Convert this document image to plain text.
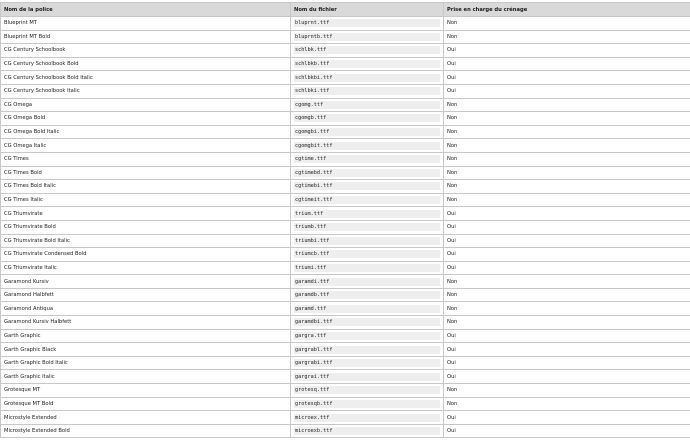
Nom de la police	Nom du fichier	Prise en charge du crénage
Blueprint MT	bluprnt.ttf	Non
Blueprint MT Bold	bluprntb.ttf	Non
CG Century Schoolbook	schlbk.ttf	Oui
CG Century Schoolbook Bold	schlbkb.ttf	Oui
CG Century Schoolbook Bold Italic	schlbkbi.ttf	Oui
CG Century Schoolbook Italic	schlbki.ttf	Oui
CG Omega	cgomg.ttf	Non
CG Omega Bold	cgomgb.ttf	Non
CG Omega Bold Italic	cgomgbi.ttf	Non
CG Omega Italic	cgomgbit.ttf	Non
CG Times	cgtime.ttf	Non
CG Times Bold	cgtimebd.ttf	Non
CG Times Bold Italic	cgtimebi.ttf	Non
CG Times Italic	cgtimeit.ttf	Non
CG Triumvirate	trium.ttf	Oui
CG Triumvirate Bold	triumb.ttf	Oui
CG Triumvirate Bold Italic	triumbi.ttf	Oui
CG Triumvirate Condensed Bold	triumcb.ttf	Oui
CG Triumvirate Italic	triumi.ttf	Oui
Garamond Kursiv	garamdi.ttf	Non
Garamond Halbfett	garamdb.ttf	Non
Garamond Antiqua	garamd.ttf	Non
Garamond Kursiv Halbfett	garamdbi.ttf	Non
Garth Graphic	gargra.ttf	Oui
Garth Graphic Black	gargrabl.ttf	Oui
Garth Graphic Bold Italic	gargrabi.ttf	Oui
Garth Graphic Italic	gargrai.ttf	Oui
Grotesque MT	grotesq.ttf	Non
Grotesque MT Bold	grotesqb.ttf	Non
Microstyle Extended	microex.ttf	Oui
Microstyle Extended Bold	microexb.ttf	Oui
